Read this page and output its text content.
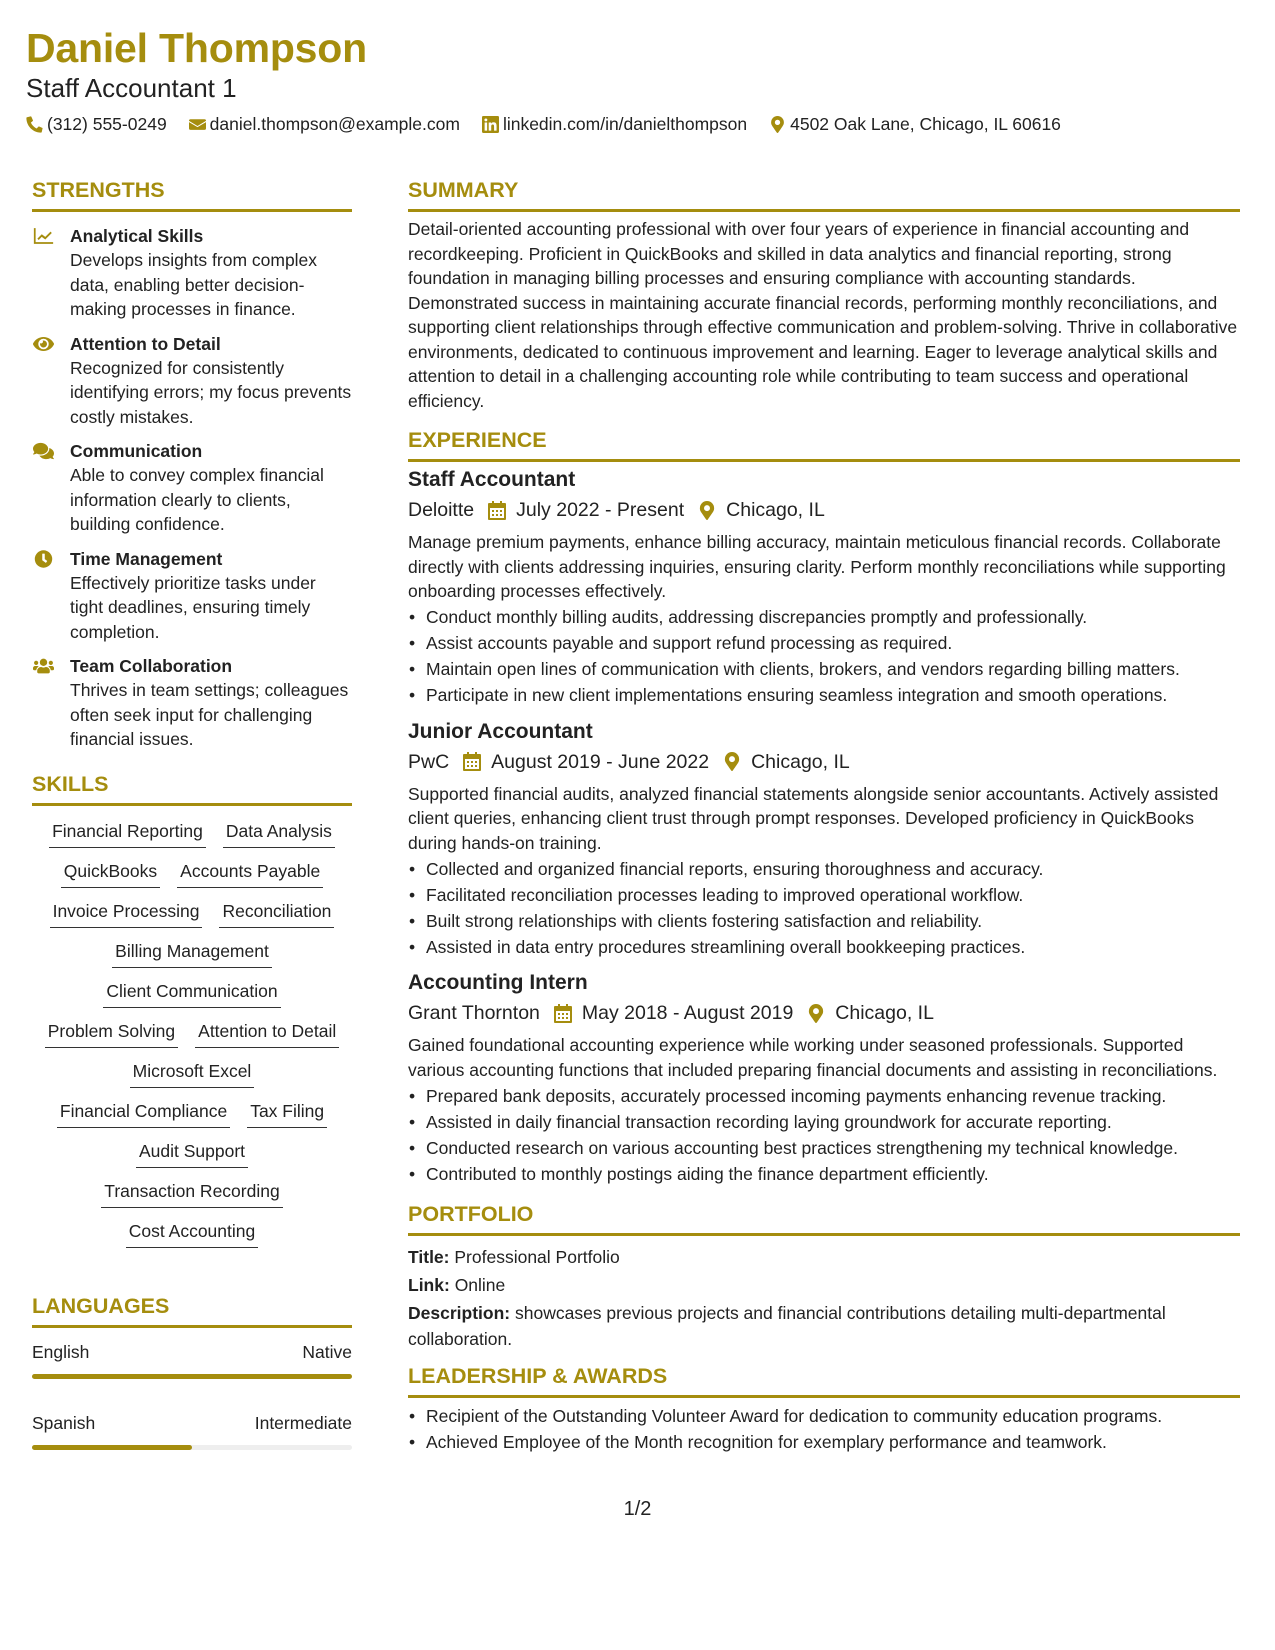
Daniel Thompson
Staff Accountant 1
(312) 555-0249 daniel.thompson@example.com linkedin.com/in/danielthompson 4502 Oak Lane, Chicago, IL 60616
STRENGTHS
Analytical Skills
Develops insights from complex data, enabling better decision-making processes in finance.
Attention to Detail
Recognized for consistently identifying errors; my focus prevents costly mistakes.
Communication
Able to convey complex financial information clearly to clients, building confidence.
Time Management
Effectively prioritize tasks under tight deadlines, ensuring timely completion.
Team Collaboration
Thrives in team settings; colleagues often seek input for challenging financial issues.
SKILLS
Financial Reporting Data Analysis
QuickBooks Accounts Payable
Invoice Processing Reconciliation
Billing Management
Client Communication
Problem Solving Attention to Detail
Microsoft Excel
Financial Compliance Tax Filing
Audit Support
Transaction Recording
Cost Accounting
LANGUAGES
English	Native
Spanish	Intermediate
SUMMARY
Detail-oriented accounting professional with over four years of experience in financial accounting and recordkeeping. Proficient in QuickBooks and skilled in data analytics and financial reporting, strong foundation in managing billing processes and ensuring compliance with accounting standards. Demonstrated success in maintaining accurate financial records, performing monthly reconciliations, and supporting client relationships through effective communication and problem-solving. Thrive in collaborative environments, dedicated to continuous improvement and learning. Eager to leverage analytical skills and attention to detail in a challenging accounting role while contributing to team success and operational efficiency.
EXPERIENCE
Staff Accountant
Deloitte July 2022 - Present Chicago, IL
Manage premium payments, enhance billing accuracy, maintain meticulous financial records. Collaborate directly with clients addressing inquiries, ensuring clarity. Perform monthly reconciliations while supporting onboarding processes effectively.
• Conduct monthly billing audits, addressing discrepancies promptly and professionally.
• Assist accounts payable and support refund processing as required.
• Maintain open lines of communication with clients, brokers, and vendors regarding billing matters.
• Participate in new client implementations ensuring seamless integration and smooth operations.
Junior Accountant
PwC August 2019 - June 2022 Chicago, IL
Supported financial audits, analyzed financial statements alongside senior accountants. Actively assisted client queries, enhancing client trust through prompt responses. Developed proficiency in QuickBooks during hands-on training.
• Collected and organized financial reports, ensuring thoroughness and accuracy.
• Facilitated reconciliation processes leading to improved operational workflow.
• Built strong relationships with clients fostering satisfaction and reliability.
• Assisted in data entry procedures streamlining overall bookkeeping practices.
Accounting Intern
Grant Thornton May 2018 - August 2019 Chicago, IL
Gained foundational accounting experience while working under seasoned professionals. Supported various accounting functions that included preparing financial documents and assisting in reconciliations.
• Prepared bank deposits, accurately processed incoming payments enhancing revenue tracking.
• Assisted in daily financial transaction recording laying groundwork for accurate reporting.
• Conducted research on various accounting best practices strengthening my technical knowledge.
• Contributed to monthly postings aiding the finance department efficiently.
PORTFOLIO
Title: Professional Portfolio
Link: Online
Description: showcases previous projects and financial contributions detailing multi-departmental collaboration.
LEADERSHIP & AWARDS
• Recipient of the Outstanding Volunteer Award for dedication to community education programs.
• Achieved Employee of the Month recognition for exemplary performance and teamwork.
1/2
